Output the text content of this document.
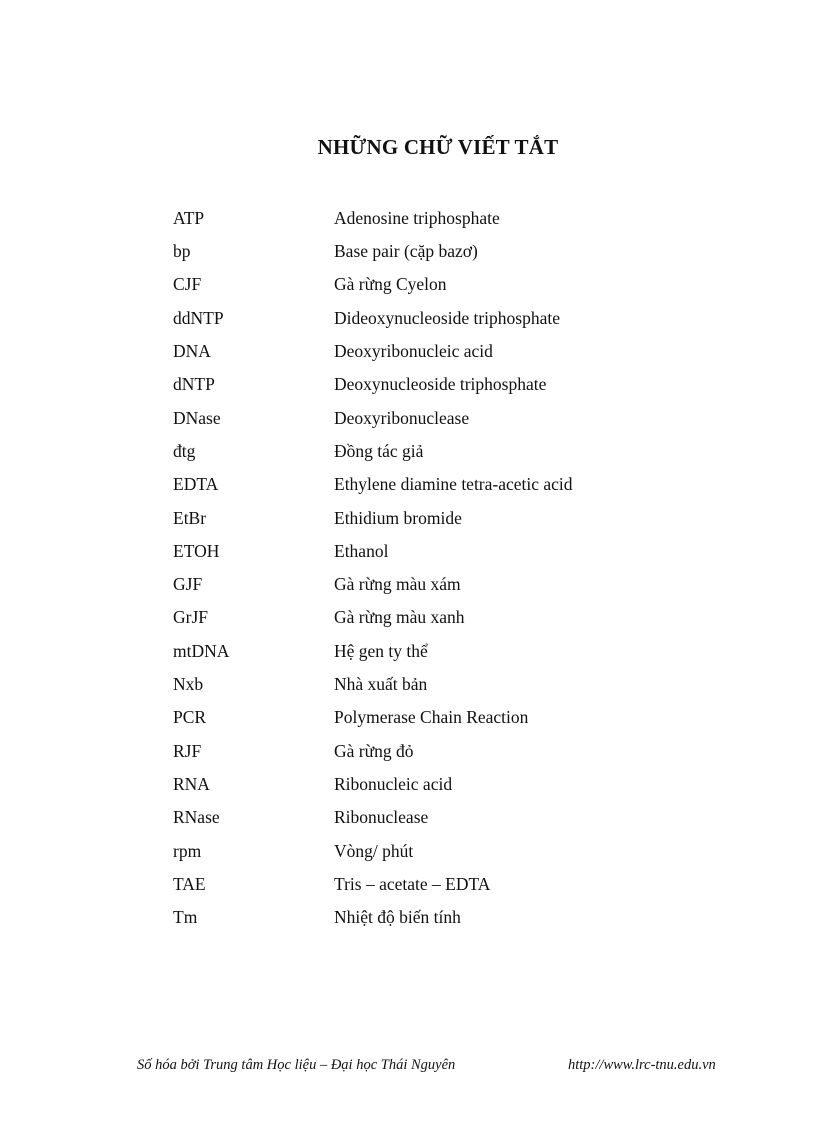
NHỮNG CHỮ VIẾT TẮT
ATP	Adenosine triphosphate
bp	Base pair (cặp bazơ)
CJF	Gà rừng Cyelon
ddNTP	Dideoxynucleoside triphosphate
DNA	Deoxyribonucleic acid
dNTP	Deoxynucleoside triphosphate
DNase	Deoxyribonuclease
đtg	Đồng tác giả
EDTA	Ethylene diamine tetra-acetic acid
EtBr	Ethidium bromide
ETOH	Ethanol
GJF	Gà rừng màu xám
GrJF	Gà rừng màu xanh
mtDNA	Hệ gen ty thể
Nxb	Nhà xuất bản
PCR	Polymerase Chain Reaction
RJF	Gà rừng đỏ
RNA	Ribonucleic acid
RNase	Ribonuclease
rpm	Vòng/ phút
TAE	Tris – acetate – EDTA
Tm	Nhiệt độ biến tính
Số hóa bởi Trung tâm Học liệu – Đại học Thái Nguyên	http://www.lrc-tnu.edu.vn
